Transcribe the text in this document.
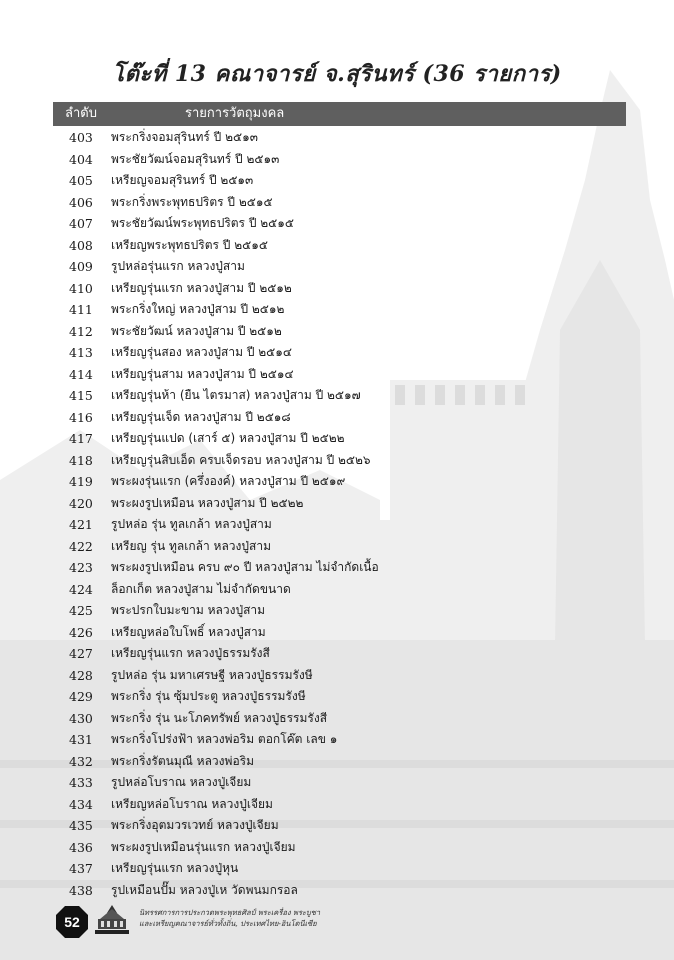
โต๊ะที่ 13 คณาจารย์ จ.สุรินทร์ (36 รายการ)
ลำดับ	รายการวัตถุมงคล
403 พระกริ่งจอมสุรินทร์ ปี ๒๕๑๓
404 พระชัยวัฒน์จอมสุรินทร์ ปี ๒๕๑๓
405 เหรียญจอมสุรินทร์ ปี ๒๕๑๓
406 พระกริ่งพระพุทธปริตร ปี ๒๕๑๕
407 พระชัยวัฒน์พระพุทธปริตร ปี ๒๕๑๕
408 เหรียญพระพุทธปริตร ปี ๒๕๑๕
409 รูปหล่อรุ่นแรก หลวงปู่สาม
410 เหรียญรุ่นแรก หลวงปู่สาม ปี ๒๕๑๒
411 พระกริ่งใหญ่ หลวงปู่สาม ปี ๒๕๑๒
412 พระชัยวัฒน์ หลวงปู่สาม ปี ๒๕๑๒
413 เหรียญรุ่นสอง หลวงปู่สาม ปี ๒๕๑๔
414 เหรียญรุ่นสาม หลวงปู่สาม ปี ๒๕๑๔
415 เหรียญรุ่นห้า (ยืน ไตรมาส) หลวงปู่สาม ปี ๒๕๑๗
416 เหรียญรุ่นเจ็ด หลวงปู่สาม ปี ๒๕๑๘
417 เหรียญรุ่นแปด (เสาร์ ๕) หลวงปู่สาม ปี ๒๕๒๒
418 เหรียญรุ่นสิบเอ็ด ครบเจ็ดรอบ หลวงปู่สาม ปี ๒๕๒๖
419 พระผงรุ่นแรก (ครึ่งองค์) หลวงปู่สาม ปี ๒๕๑๙
420 พระผงรูปเหมือน หลวงปู่สาม ปี ๒๕๒๒
421 รูปหล่อ รุ่น ทูลเกล้า หลวงปู่สาม
422 เหรียญ รุ่น ทูลเกล้า หลวงปู่สาม
423 พระผงรูปเหมือน ครบ ๙๐ ปี หลวงปู่สาม ไม่จำกัดเนื้อ
424 ล็อกเก็ต หลวงปู่สาม ไม่จำกัดขนาด
425 พระปรกใบมะขาม หลวงปู่สาม
426 เหรียญหล่อใบโพธิ์ หลวงปู่สาม
427 เหรียญรุ่นแรก หลวงปู่ธรรมรังสี
428 รูปหล่อ รุ่น มหาเศรษฐี หลวงปู่ธรรมรังษี
429 พระกริ่ง รุ่น ซุ้มประตู หลวงปู่ธรรมรังษี
430 พระกริ่ง รุ่น นะโภคทรัพย์ หลวงปู่ธรรมรังสี
431 พระกริ่งโปร่งฟ้า หลวงพ่อริม ตอกโค๊ต เลข ๑
432 พระกริ่งรัตนมุณี หลวงพ่อริม
433 รูปหล่อโบราณ หลวงปู่เจียม
434 เหรียญหล่อโบราณ หลวงปู่เจียม
435 พระกริ่งอุตมวรเวทย์ หลวงปู่เจียม
436 พระผงรูปเหมือนรุ่นแรก หลวงปู่เจียม
437 เหรียญรุ่นแรก หลวงปู่หุน
438 รูปเหมือนปั๊ม หลวงปู่เห วัดพนมกรอล
52
นิทรรศการการประกวดพระพุทธศิลป์ พระเครื่อง พระบูชา
และเหรียญคณาจารย์ทั่วทั้งถิ่น, ประเทศไทย-อินโดนีเซีย
